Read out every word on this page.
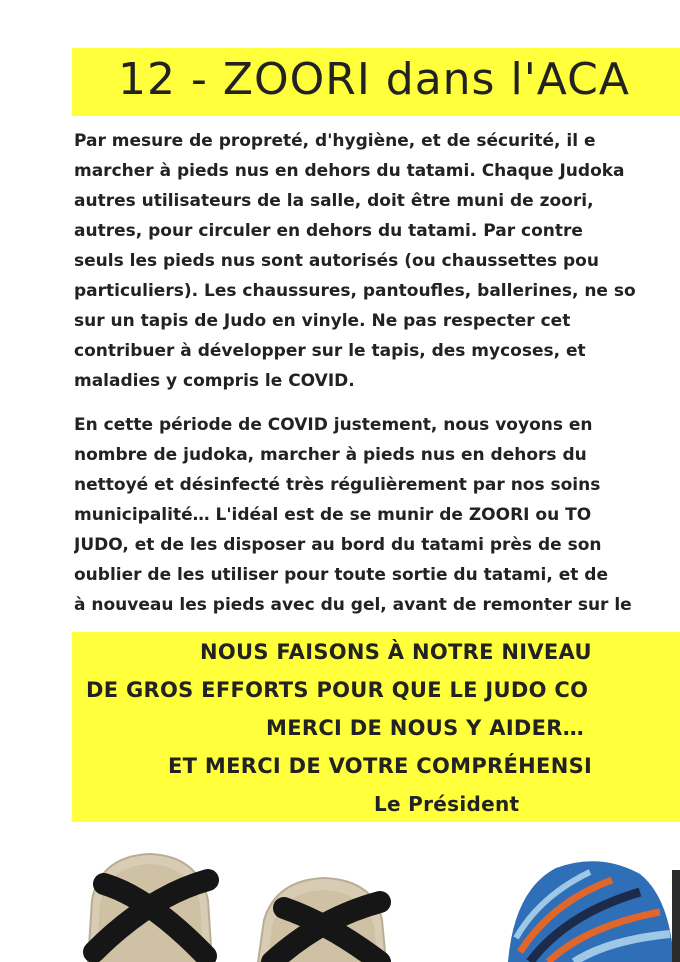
12 - ZOORI dans l'ACA

Par mesure de propreté, d'hygiène, et de sécurité, il e
marcher à pieds nus en dehors du tatami. Chaque Judoka
autres utilisateurs de la salle, doit être muni de zoori,
autres, pour circuler en dehors du tatami. Par contre
seuls les pieds nus sont autorisés (ou chaussettes pou
particuliers). Les chaussures, pantoufles, ballerines, ne so
sur un tapis de Judo en vinyle. Ne pas respecter cet
contribuer à développer sur le tapis, des mycoses, et
maladies y compris le COVID.

En cette période de COVID justement, nous voyons en
nombre de judoka, marcher à pieds nus en dehors du
nettoyé et désinfecté très régulièrement par nos soins
municipalité… L'idéal est de se munir de ZOORI ou TO
JUDO, et de les disposer au bord du tatami près de son
oublier de les utiliser pour toute sortie du tatami, et de
à nouveau les pieds avec du gel, avant de remonter sur le

NOUS FAISONS À NOTRE NIVEAU
DE GROS EFFORTS POUR QUE LE JUDO CO
MERCI DE NOUS Y AIDER…
ET MERCI DE VOTRE COMPRÉHENSI
Le Président
